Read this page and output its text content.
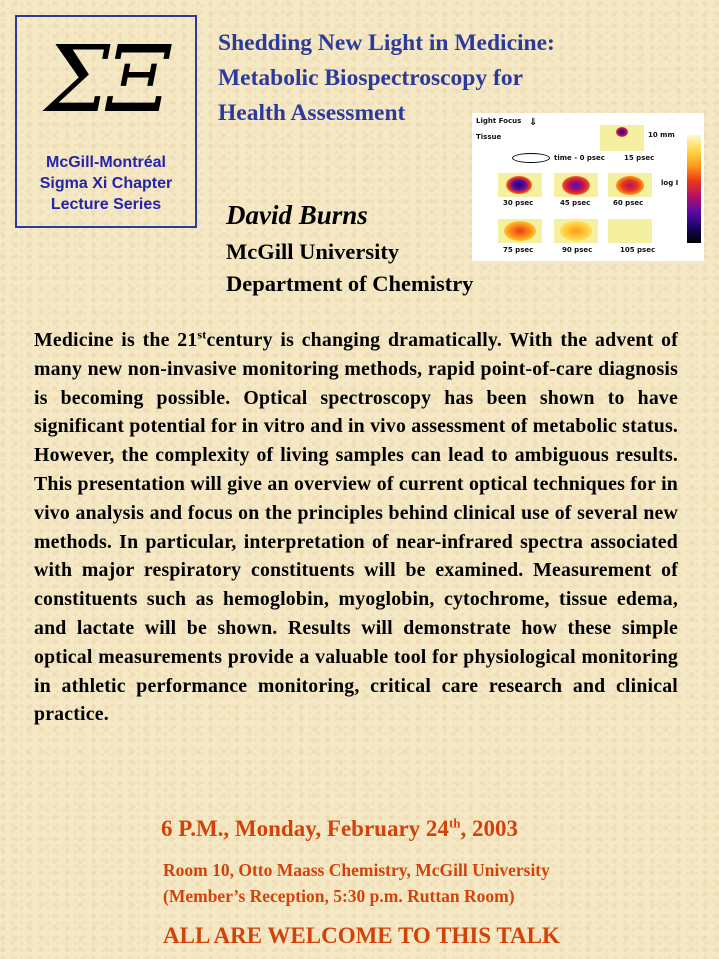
ΣΞ
McGill-Montréal
Sigma Xi Chapter
Lecture Series
Shedding New Light in Medicine:
Metabolic Biospectroscopy for
Health Assessment	Light Focus
Tissue
⇓
10 mm
log I
time - 0 psec	15 psec
30 psec	45 psec	60 psec
75 psec	90 psec	105 psec
David Burns
McGill University
Department of Chemistry
Medicine is the 21stcentury is changing dramatically. With the advent of many new non-invasive monitoring methods, rapid point-of-care diagnosis is becoming possible. Optical spectroscopy has been shown to have significant potential for in vitro and in vivo assessment of metabolic status. However, the complexity of living samples can lead to ambiguous results. This presentation will give an overview of current optical techniques for in vivo analysis and focus on the principles behind clinical use of several new methods. In particular, interpretation of near-infrared spectra associated with major respiratory constituents will be examined. Measurement of constituents such as hemoglobin, myoglobin, cytochrome, tissue edema, and lactate will be shown. Results will demonstrate how these simple optical measurements provide a valuable tool for physiological monitoring in athletic performance monitoring, critical care research and clinical practice.
6 P.M., Monday, February 24th, 2003
Room 10, Otto Maass Chemistry, McGill University
(Member’s Reception, 5:30 p.m. Ruttan Room)
ALL ARE WELCOME TO THIS TALK
